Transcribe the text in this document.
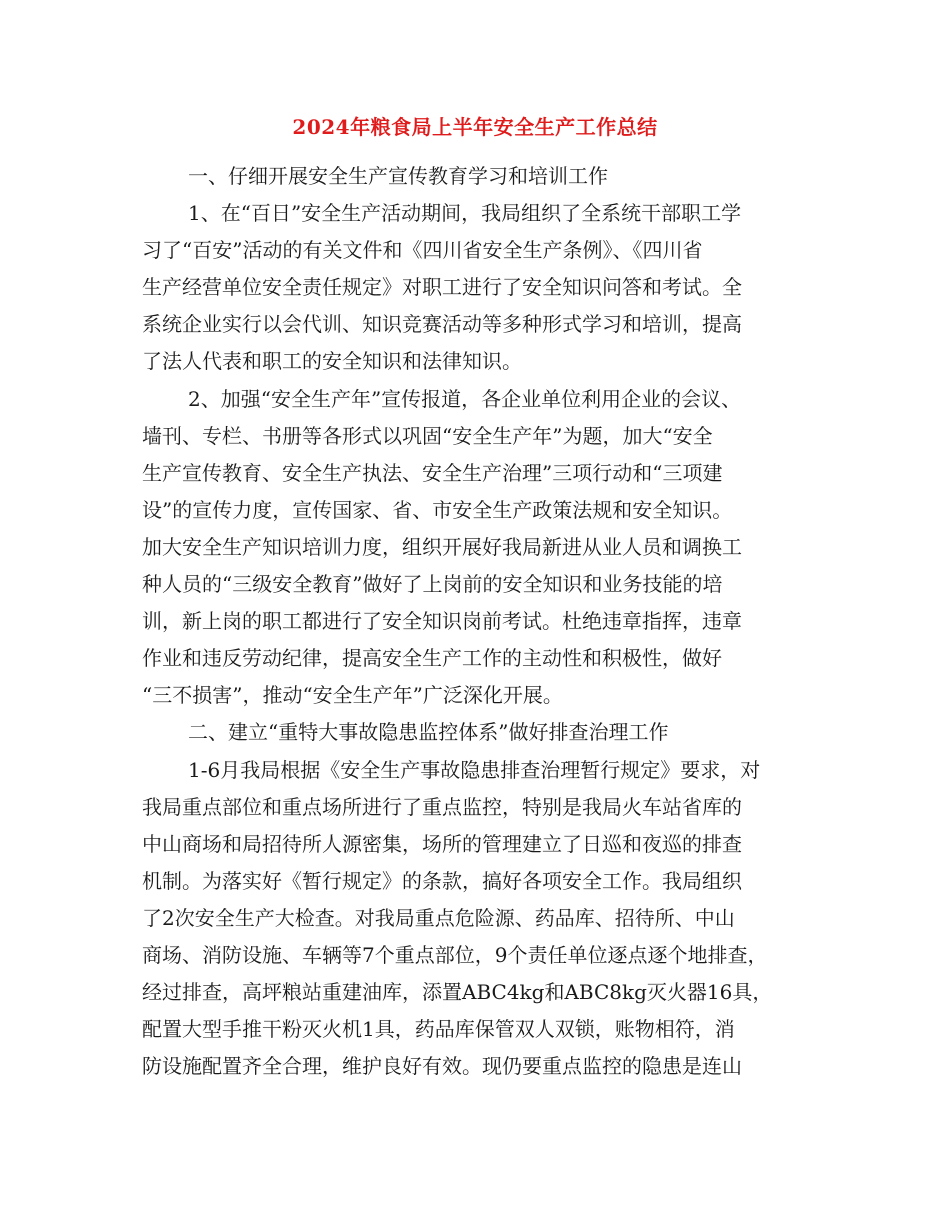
2024年粮食局上半年安全生产工作总结
一、仔细开展安全生产宣传教育学习和培训工作
1、在“百日”安全生产活动期间，我局组织了全系统干部职工学
习了“百安”活动的有关文件和《四川省安全生产条例》、《四川省
生产经营单位安全责任规定》对职工进行了安全知识问答和考试。全
系统企业实行以会代训、知识竞赛活动等多种形式学习和培训，提高
了法人代表和职工的安全知识和法律知识。
2、加强“安全生产年”宣传报道，各企业单位利用企业的会议、
墙刊、专栏、书册等各形式以巩固“安全生产年”为题，加大“安全
生产宣传教育、安全生产执法、安全生产治理”三项行动和“三项建
设”的宣传力度，宣传国家、省、市安全生产政策法规和安全知识。
加大安全生产知识培训力度，组织开展好我局新进从业人员和调换工
种人员的“三级安全教育”做好了上岗前的安全知识和业务技能的培
训，新上岗的职工都进行了安全知识岗前考试。杜绝违章指挥，违章
作业和违反劳动纪律，提高安全生产工作的主动性和积极性，做好
“三不损害”，推动“安全生产年”广泛深化开展。
二、建立“重特大事故隐患监控体系”做好排查治理工作
1-6月我局根据《安全生产事故隐患排查治理暂行规定》要求，对
我局重点部位和重点场所进行了重点监控，特别是我局火车站省库的
中山商场和局招待所人源密集，场所的管理建立了日巡和夜巡的排查
机制。为落实好《暂行规定》的条款，搞好各项安全工作。我局组织
了2次安全生产大检查。对我局重点危险源、药品库、招待所、中山
商场、消防设施、车辆等7个重点部位，9个责任单位逐点逐个地排查，
经过排查，高坪粮站重建油库，添置ABC4kg和ABC8kg灭火器16具，
配置大型手推干粉灭火机1具，药品库保管双人双锁，账物相符，消
防设施配置齐全合理，维护良好有效。现仍要重点监控的隐患是连山
